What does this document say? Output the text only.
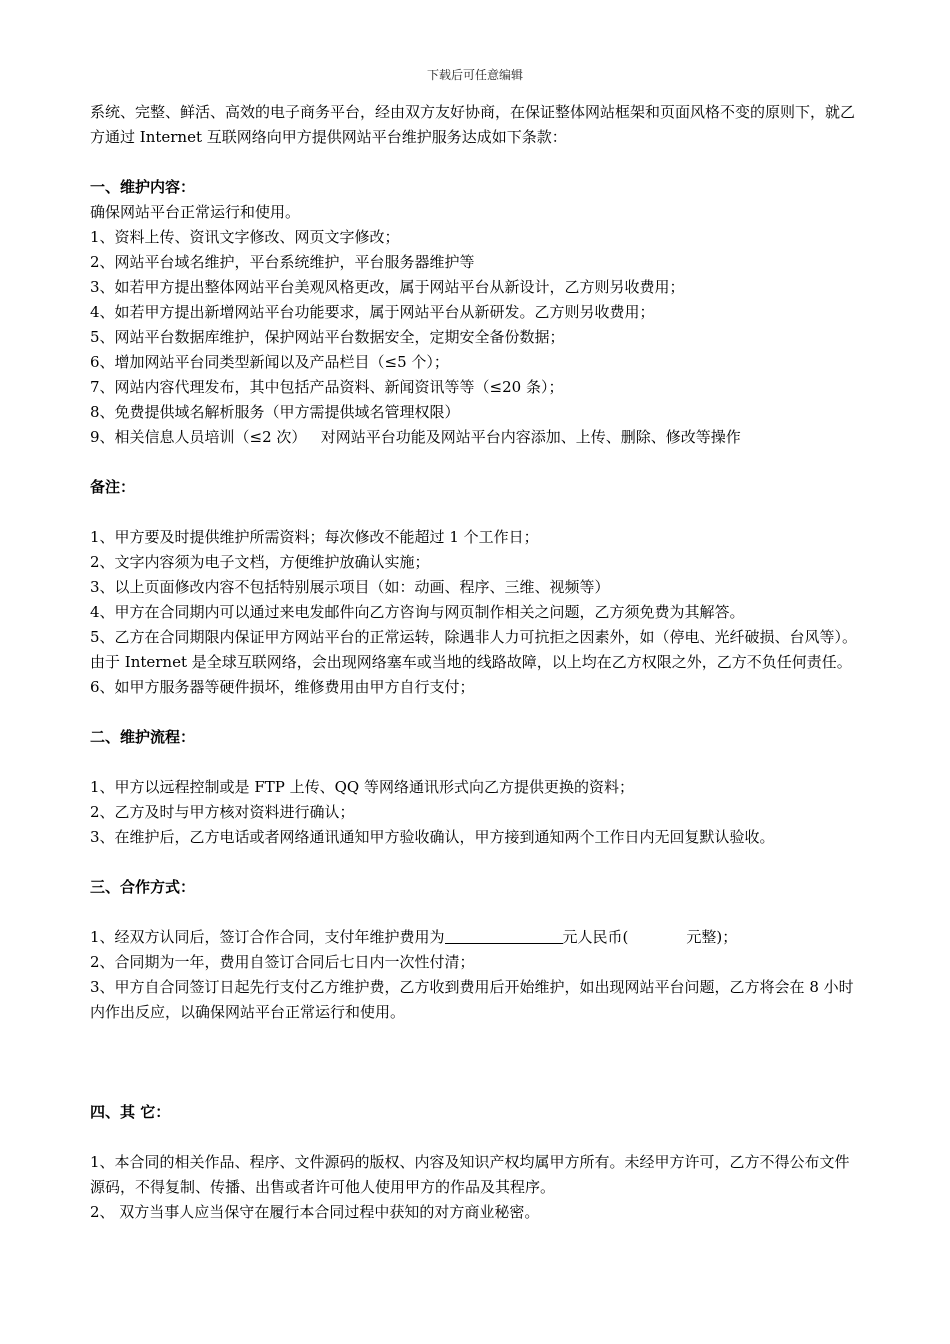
下载后可任意编辑
系统、完整、鲜活、高效的电子商务平台，经由双方友好协商，在保证整体网站框架和页面风格不变的原则下，就乙方通过 Internet 互联网络向甲方提供网站平台维护服务达成如下条款：
一、维护内容：
确保网站平台正常运行和使用。
1、资料上传、资讯文字修改、网页文字修改；
2、网站平台域名维护，平台系统维护，平台服务器维护等
3、如若甲方提出整体网站平台美观风格更改，属于网站平台从新设计，乙方则另收费用；
4、如若甲方提出新增网站平台功能要求，属于网站平台从新研发。乙方则另收费用；
5、网站平台数据库维护，保护网站平台数据安全，定期安全备份数据；
6、增加网站平台同类型新闻以及产品栏目（≤5 个）；
7、网站内容代理发布，其中包括产品资料、新闻资讯等等（≤20 条）；
8、免费提供域名解析服务（甲方需提供域名管理权限）
9、相关信息人员培训（≤2 次）   对网站平台功能及网站平台内容添加、上传、删除、修改等操作
备注：
1、甲方要及时提供维护所需资料；每次修改不能超过 1 个工作日；
2、文字内容须为电子文档，方便维护放确认实施；
3、以上页面修改内容不包括特别展示项目（如：动画、程序、三维、视频等）
4、甲方在合同期内可以通过来电发邮件向乙方咨询与网页制作相关之问题，乙方须免费为其解答。
5、乙方在合同期限内保证甲方网站平台的正常运转，除遇非人力可抗拒之因素外，如（停电、光纤破损、台风等）。由于 Internet 是全球互联网络，会出现网络塞车或当地的线路故障，以上均在乙方权限之外，乙方不负任何责任。
6、如甲方服务器等硬件损坏，维修费用由甲方自行支付；
二、维护流程：
1、甲方以远程控制或是 FTP 上传、QQ 等网络通讯形式向乙方提供更换的资料；
2、乙方及时与甲方核对资料进行确认；
3、在维护后，乙方电话或者网络通讯通知甲方验收确认，甲方接到通知两个工作日内无回复默认验收。
三、合作方式：
1、经双方认同后，签订合作合同，支付年维护费用为	元人民币(	元整)；
2、合同期为一年，费用自签订合同后七日内一次性付清；
3、甲方自合同签订日起先行支付乙方维护费，乙方收到费用后开始维护，如出现网站平台问题，乙方将会在 8 小时内作出反应，以确保网站平台正常运行和使用。
四、其 它：
1、本合同的相关作品、程序、文件源码的版权、内容及知识产权均属甲方所有。未经甲方许可，乙方不得公布文件源码，不得复制、传播、出售或者许可他人使用甲方的作品及其程序。
2、 双方当事人应当保守在履行本合同过程中获知的对方商业秘密。
